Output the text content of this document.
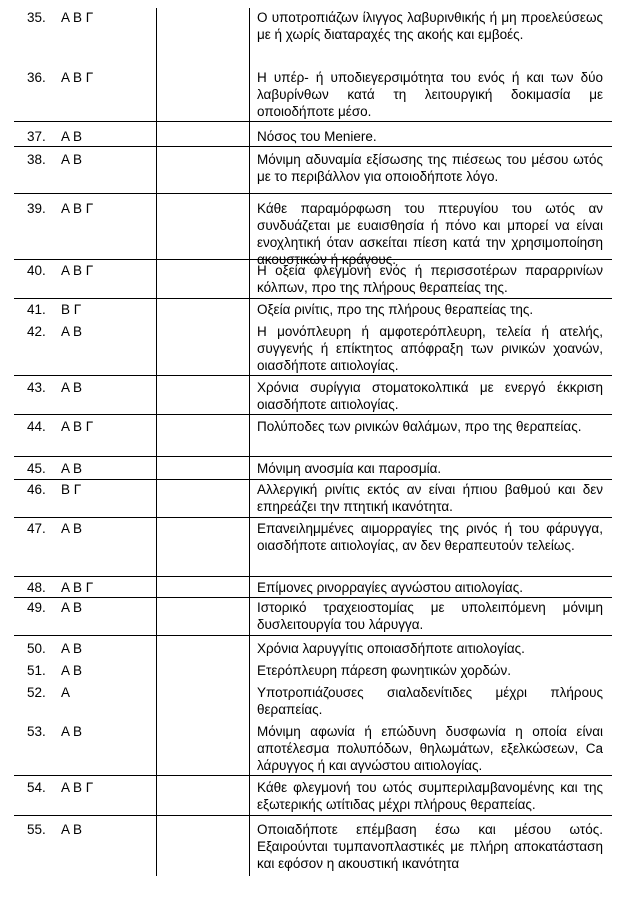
35. Α Β Γ	Ο υποτροπιάζων ίλιγγος λαβυρινθικής ή μη προελεύσεως με ή χωρίς διαταραχές της ακοής και εμβοές.
36. Α Β Γ	Η υπέρ- ή υποδιεγερσιμότητα του ενός ή και των δύο λαβυρίνθων κατά τη λειτουργική δοκιμασία με οποιοδήποτε μέσο.
37. Α Β	Νόσος του Meniere.
38. Α Β	Μόνιμη αδυναμία εξίσωσης της πιέσεως του μέσου ωτός με το περιβάλλον για οποιοδήποτε λόγο.
39. Α Β Γ	Κάθε παραμόρφωση του πτερυγίου του ωτός αν συνδυάζεται με ευαισθησία ή πόνο και μπορεί να είναι ενοχλητική όταν ασκείται πίεση κατά την χρησιμοποίηση ακουστικών ή κράνους.
40. Α Β Γ	Η οξεία φλεγμονή ενός ή περισσοτέρων παραρρινίων κόλπων, προ της πλήρους θεραπείας της.
41. Β Γ	Οξεία ρινίτις, προ της πλήρους θεραπείας της.
42. Α Β	Η μονόπλευρη ή αμφοτερόπλευρη, τελεία ή ατελής, συγγενής ή επίκτητος απόφραξη των ρινικών χοανών, οιασδήποτε αιτιολογίας.
43. Α Β	Χρόνια συρίγγια στοματοκολπικά με ενεργό έκκριση οιασδήποτε αιτιολογίας.
44. Α Β Γ	Πολύποδες των ρινικών θαλάμων, προ της θεραπείας.
45. Α Β	Μόνιμη ανοσμία και παροσμία.
46. Β Γ	Αλλεργική ρινίτις εκτός αν είναι ήπιου βαθμού και δεν επηρεάζει την πτητική ικανότητα.
47. Α Β	Επανειλημμένες αιμορραγίες της ρινός ή του φάρυγγα, οιασδήποτε αιτιολογίας, αν δεν θεραπευτούν τελείως.
48. Α Β Γ	Επίμονες ρινορραγίες αγνώστου αιτιολογίας.
49. Α Β	Ιστορικό τραχειοστομίας με υπολειπόμενη μόνιμη δυσλειτουργία του λάρυγγα.
50. Α Β	Χρόνια λαρυγγίτις οποιασδήποτε αιτιολογίας.
51. Α Β	Ετερόπλευρη πάρεση φωνητικών χορδών.
52. Α	Υποτροπιάζουσες σιαλαδενίτιδες μέχρι πλήρους θεραπείας.
53. Α Β	Μόνιμη αφωνία ή επώδυνη δυσφωνία η οποία είναι αποτέλεσμα πολυπόδων, θηλωμάτων, εξελκώσεων, Ca λάρυγγος ή και αγνώστου αιτιολογίας.
54. Α Β Γ	Κάθε φλεγμονή του ωτός συμπεριλαμβανομένης και της εξωτερικής ωτίτιδας μέχρι πλήρους θεραπείας.
55. Α Β	Οποιαδήποτε επέμβαση έσω και μέσου ωτός. Εξαιρούνται τυμπανοπλαστικές με πλήρη αποκατάσταση και εφόσον η ακουστική ικανότητα
